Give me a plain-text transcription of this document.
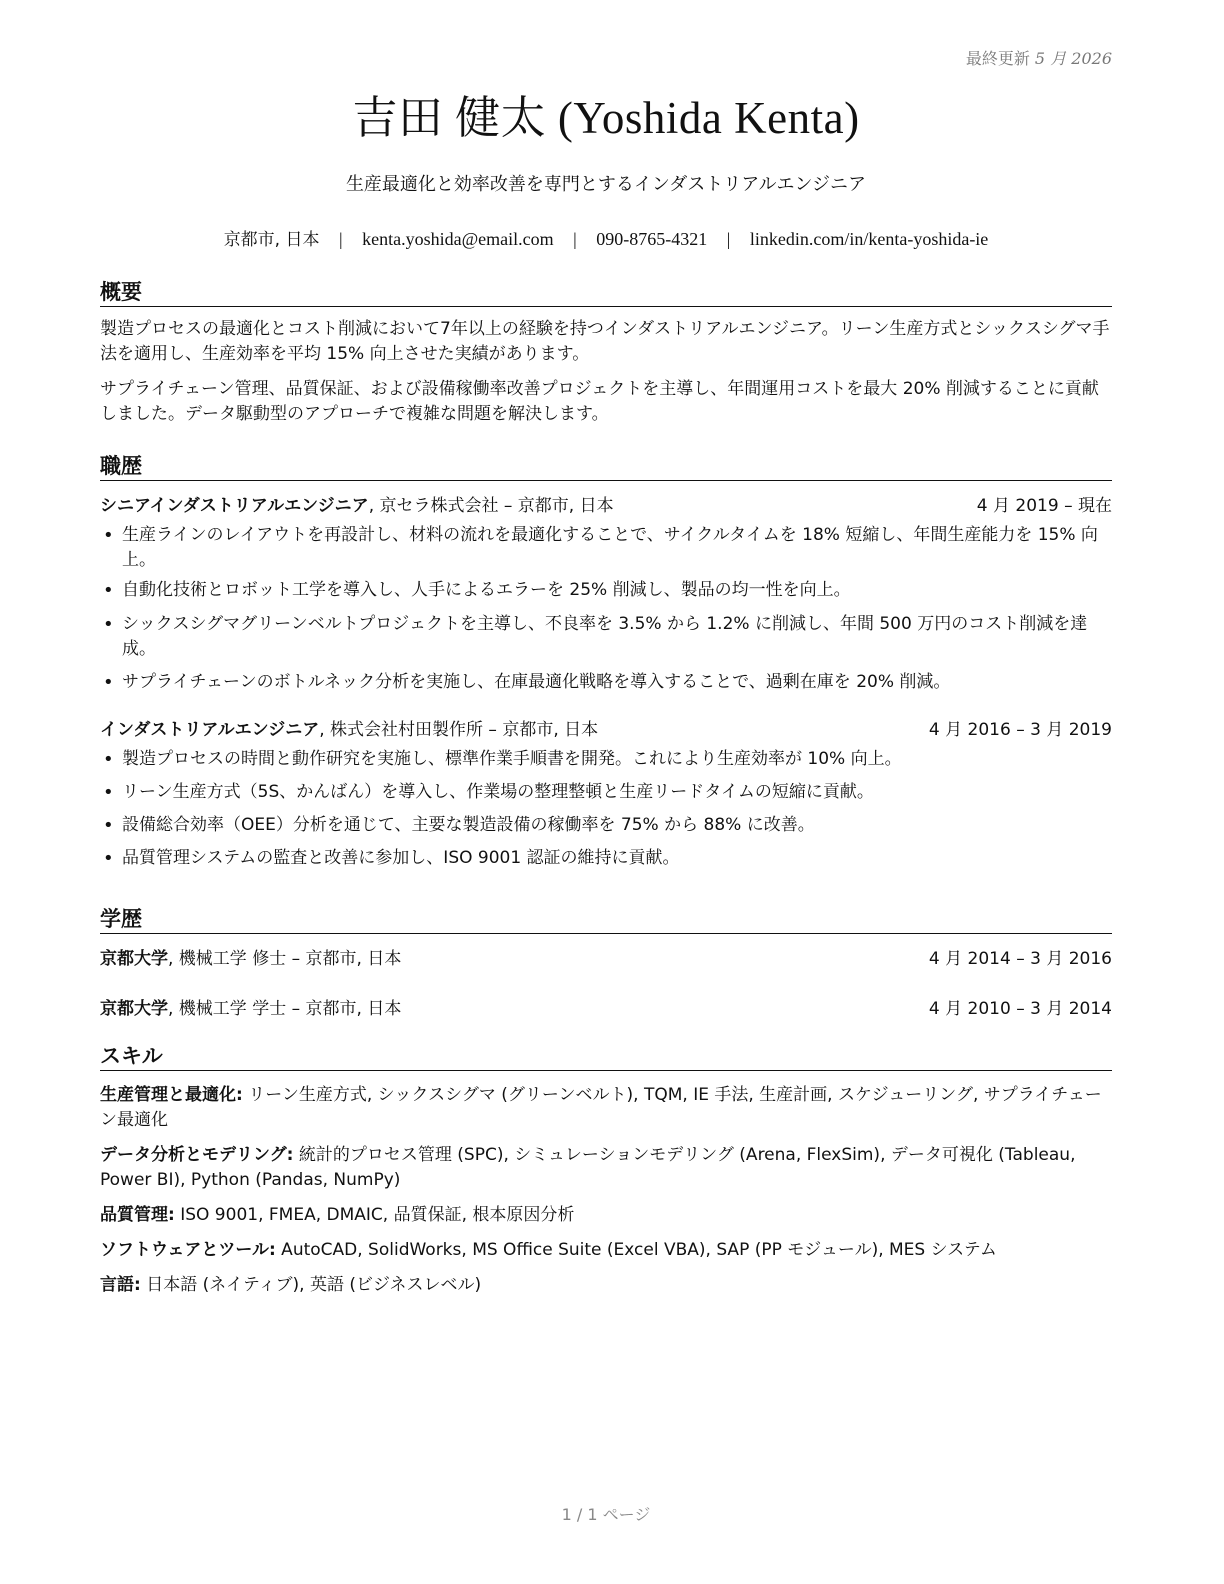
最終更新 5 月 2026
吉田 健太 (Yoshida Kenta)
生産最適化と効率改善を専門とするインダストリアルエンジニア
京都市, 日本 | kenta.yoshida@email.com | 090-8765-4321 | linkedin.com/in/kenta-yoshida-ie
概要
製造プロセスの最適化とコスト削減において7年以上の経験を持つインダストリアルエンジニア。リーン生産方式とシックスシグマ手法を適用し、生産効率を平均 15% 向上させた実績があります。
サプライチェーン管理、品質保証、および設備稼働率改善プロジェクトを主導し、年間運用コストを最大 20% 削減することに貢献しました。データ駆動型のアプローチで複雑な問題を解決します。
職歴
シニアインダストリアルエンジニア, 京セラ株式会社 – 京都市, 日本	4 月 2019 – 現在
• 生産ラインのレイアウトを再設計し、材料の流れを最適化することで、サイクルタイムを 18% 短縮し、年間生産能力を 15% 向上。
• 自動化技術とロボット工学を導入し、人手によるエラーを 25% 削減し、製品の均一性を向上。
• シックスシグマグリーンベルトプロジェクトを主導し、不良率を 3.5% から 1.2% に削減し、年間 500 万円のコスト削減を達成。
• サプライチェーンのボトルネック分析を実施し、在庫最適化戦略を導入することで、過剰在庫を 20% 削減。
インダストリアルエンジニア, 株式会社村田製作所 – 京都市, 日本	4 月 2016 – 3 月 2019
• 製造プロセスの時間と動作研究を実施し、標準作業手順書を開発。これにより生産効率が 10% 向上。
• リーン生産方式（5S、かんばん）を導入し、作業場の整理整頓と生産リードタイムの短縮に貢献。
• 設備総合効率（OEE）分析を通じて、主要な製造設備の稼働率を 75% から 88% に改善。
• 品質管理システムの監査と改善に参加し、ISO 9001 認証の維持に貢献。
学歴
京都大学, 機械工学 修士 – 京都市, 日本	4 月 2014 – 3 月 2016
京都大学, 機械工学 学士 – 京都市, 日本	4 月 2010 – 3 月 2014
スキル
生産管理と最適化: リーン生産方式, シックスシグマ (グリーンベルト), TQM, IE 手法, 生産計画, スケジューリング, サプライチェーン最適化
データ分析とモデリング: 統計的プロセス管理 (SPC), シミュレーションモデリング (Arena, FlexSim), データ可視化 (Tableau, Power BI), Python (Pandas, NumPy)
品質管理: ISO 9001, FMEA, DMAIC, 品質保証, 根本原因分析
ソフトウェアとツール: AutoCAD, SolidWorks, MS Office Suite (Excel VBA), SAP (PP モジュール), MES システム
言語: 日本語 (ネイティブ), 英語 (ビジネスレベル)
1 / 1 ページ
